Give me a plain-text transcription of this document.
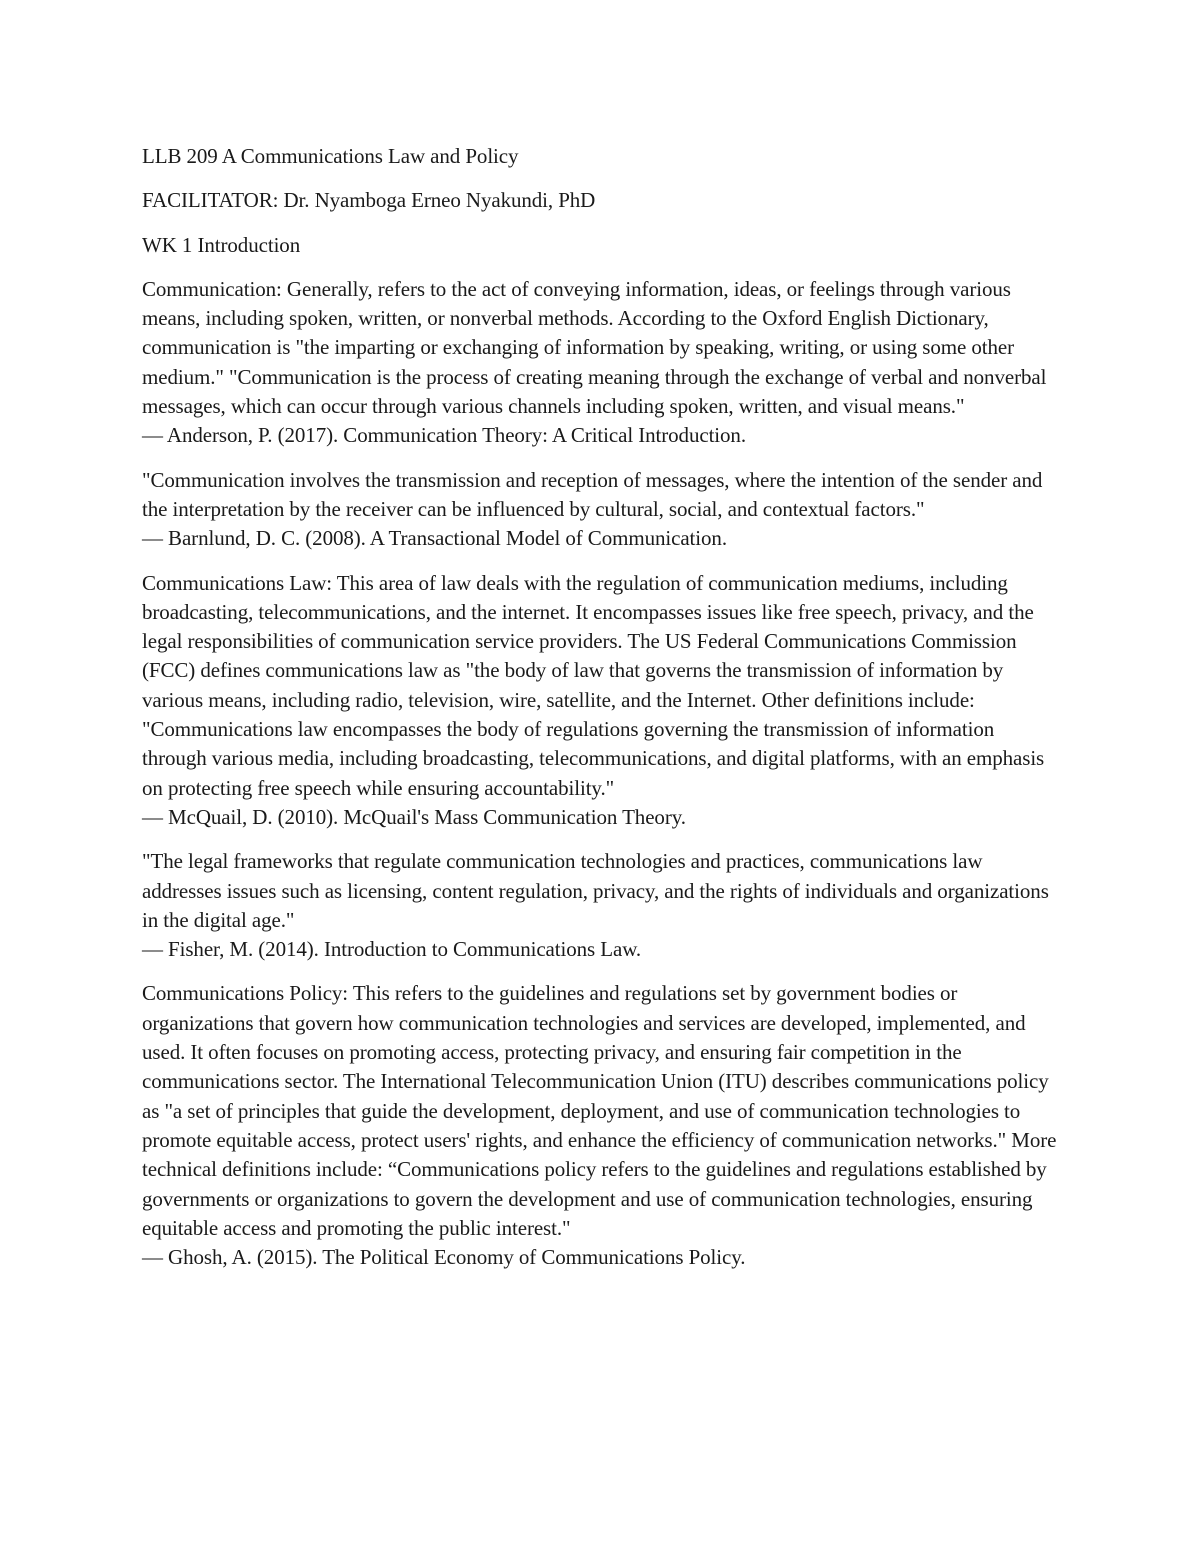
LLB 209 A Communications Law and Policy
FACILITATOR: Dr. Nyamboga Erneo Nyakundi, PhD
WK 1 Introduction

Communication: Generally, refers to the act of conveying information, ideas, or feelings through various means, including spoken, written, or nonverbal methods. According to the Oxford English Dictionary, communication is "the imparting or exchanging of information by speaking, writing, or using some other medium." "Communication is the process of creating meaning through the exchange of verbal and nonverbal messages, which can occur through various channels including spoken, written, and visual means."

— Anderson, P. (2017). Communication Theory: A Critical Introduction.

"Communication involves the transmission and reception of messages, where the intention of the sender and the interpretation by the receiver can be influenced by cultural, social, and contextual factors."

— Barnlund, D. C. (2008). A Transactional Model of Communication.

Communications Law: This area of law deals with the regulation of communication mediums, including broadcasting, telecommunications, and the internet. It encompasses issues like free speech, privacy, and the legal responsibilities of communication service providers. The US Federal Communications Commission (FCC) defines communications law as "the body of law that governs the transmission of information by various means, including radio, television, wire, satellite, and the Internet. Other definitions include: "Communications law encompasses the body of regulations governing the transmission of information through various media, including broadcasting, telecommunications, and digital platforms, with an emphasis on protecting free speech while ensuring accountability."

— McQuail, D. (2010). McQuail's Mass Communication Theory.

"The legal frameworks that regulate communication technologies and practices, communications law addresses issues such as licensing, content regulation, privacy, and the rights of individuals and organizations in the digital age."

— Fisher, M. (2014). Introduction to Communications Law.

Communications Policy: This refers to the guidelines and regulations set by government bodies or organizations that govern how communication technologies and services are developed, implemented, and used. It often focuses on promoting access, protecting privacy, and ensuring fair competition in the communications sector. The International Telecommunication Union (ITU) describes communications policy as "a set of principles that guide the development, deployment, and use of communication technologies to promote equitable access, protect users' rights, and enhance the efficiency of communication networks." More technical definitions include: “Communications policy refers to the guidelines and regulations established by governments or organizations to govern the development and use of communication technologies, ensuring equitable access and promoting the public interest."

— Ghosh, A. (2015). The Political Economy of Communications Policy.
